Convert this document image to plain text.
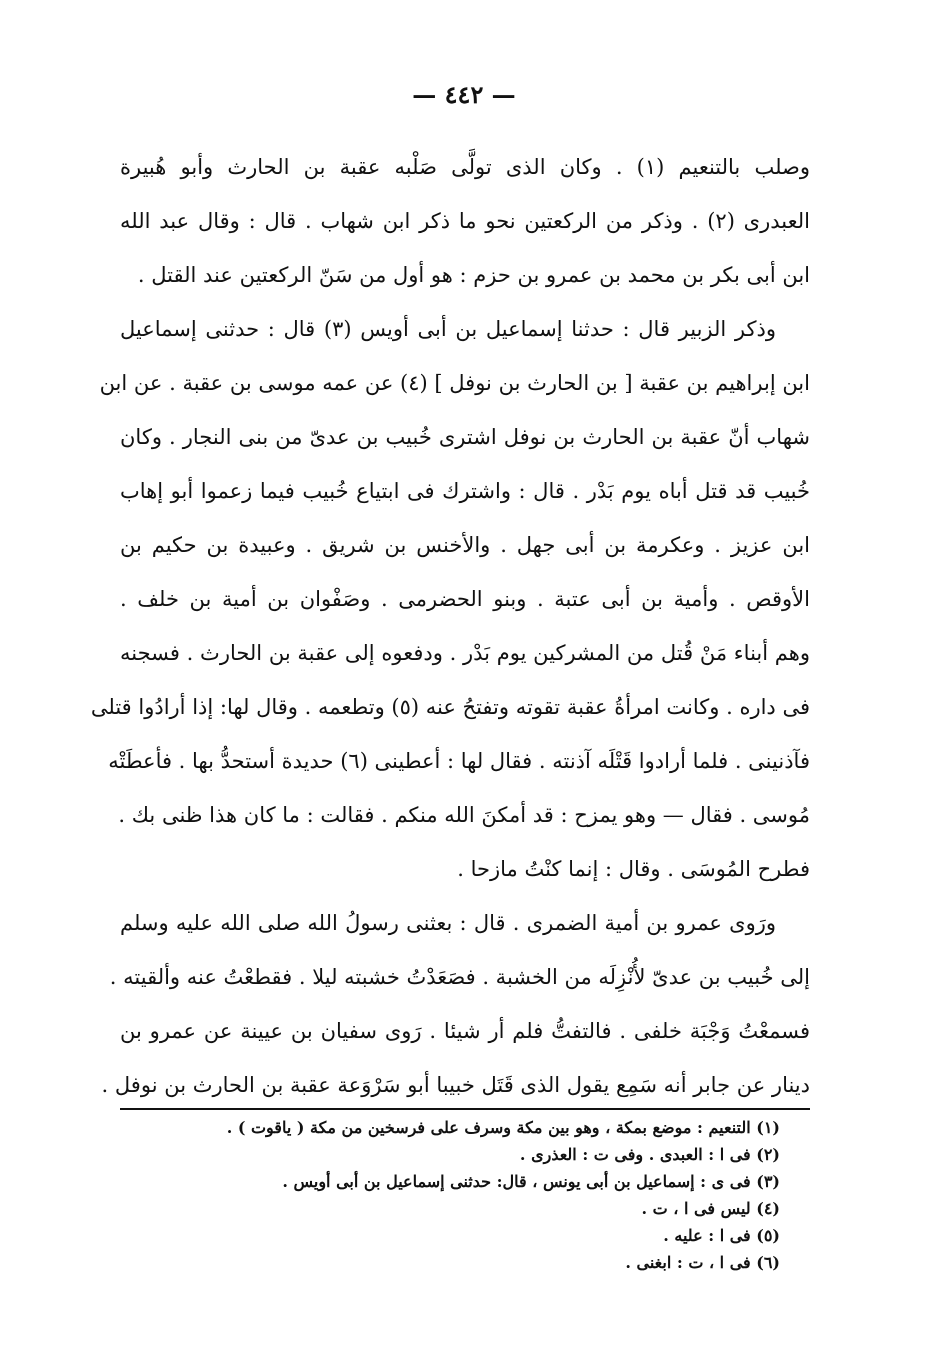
— ٤٤٢ —
وصلب بالتنعيم (١) . وكان الذى تولَّى صَلْبه عقبة بن الحارث وأبو هُبيرة
العبدرى (٢) . وذكر من الركعتين نحو ما ذكر ابن شهاب . قال : وقال عبد الله
ابن أبى بكر بن محمد بن عمرو بن حزم : هو أول من سَنّ الركعتين عند القتل .
وذكر الزبير قال : حدثنا إسماعيل بن أبى أويس (٣) قال : حدثنى إسماعيل
ابن إبراهيم بن عقبة [ بن الحارث بن نوفل ] (٤) عن عمه موسى بن عقبة . عن ابن
شهاب أنّ عقبة بن الحارث بن نوفل اشترى خُبيب بن عدىّ من بنى النجار . وكان
خُبيب قد قتل أباه يوم بَدْر . قال : واشترك فى ابتياع خُبيب فيما زعموا أبو إهاب
ابن عزيز . وعكرمة بن أبى جهل . والأخنس بن شريق . وعبيدة بن حكيم بن
الأوقص . وأمية بن أبى عتبة . وبنو الحضرمى . وصَفْوان بن أمية بن خلف .
وهم أبناء مَنْ قُتل من المشركين يوم بَدْر . ودفعوه إلى عقبة بن الحارث . فسجنه
فى داره . وكانت امرأةُ عقبة تقوته وتفتحُ عنه (٥) وتطعمه . وقال لها: إذا أرادُوا قتلى
فآذنينى . فلما أرادوا قَتْلَه آذنته . فقال لها : أعطينى (٦) حديدة أستحدُّ بها . فأعطَتْه
مُوسى . فقال — وهو يمزح : قد أمكنَ الله منكم . فقالت : ما كان هذا ظنى بك .
فطرح المُوسَى . وقال : إنما كنْتُ مازحا .
ورَوى عمرو بن أمية الضمرى . قال : بعثنى رسولُ الله صلى الله عليه وسلم
إلى خُبيب بن عدىّ لأُنْزِلَه من الخشبة . فصَعَدْتُ خشبته ليلا . فقطعْتُ عنه وألقيته .
فسمعْتُ وَجْبَة خلفى . فالتفتُّ فلم أر شيئا . رَوى سفيان بن عيينة عن عمرو بن
دينار عن جابر أنه سَمِع يقول الذى قَتَل خبيبا أبو سَرْوَعة عقبة بن الحارث بن نوفل .
(١) التنعيم : موضع بمكة ، وهو بين مكة وسرف على فرسخين من مكة ( ياقوت ) .
(٢) فى ا : العبدى . وفى ت : العذرى .
(٣) فى ى : إسماعيل بن أبى يونس ، قال: حدثنى إسماعيل بن أبى أويس .
(٤) ليس فى ا ، ت .
(٥) فى ا : عليه .
(٦) فى ا ، ت : ابغنى .
